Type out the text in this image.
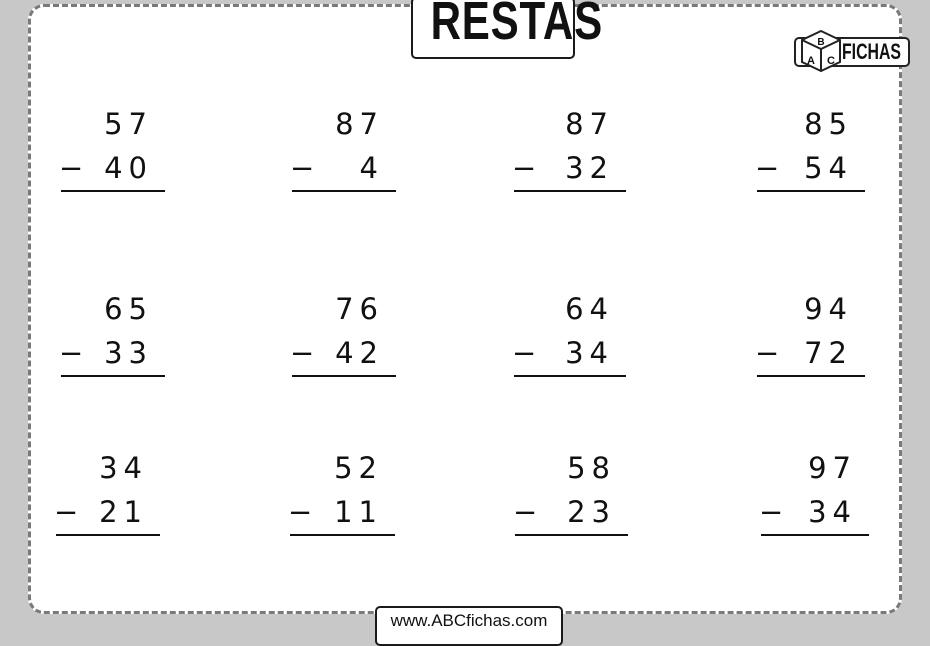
RESTAS	B
A C FICHAS
57
− 40
87
− 4
87
− 32
85
− 54
65
− 33
76
− 42
64
− 34
94
− 72
34
− 21
52
− 11
58
− 23
97
− 34
www.ABCfichas.com
